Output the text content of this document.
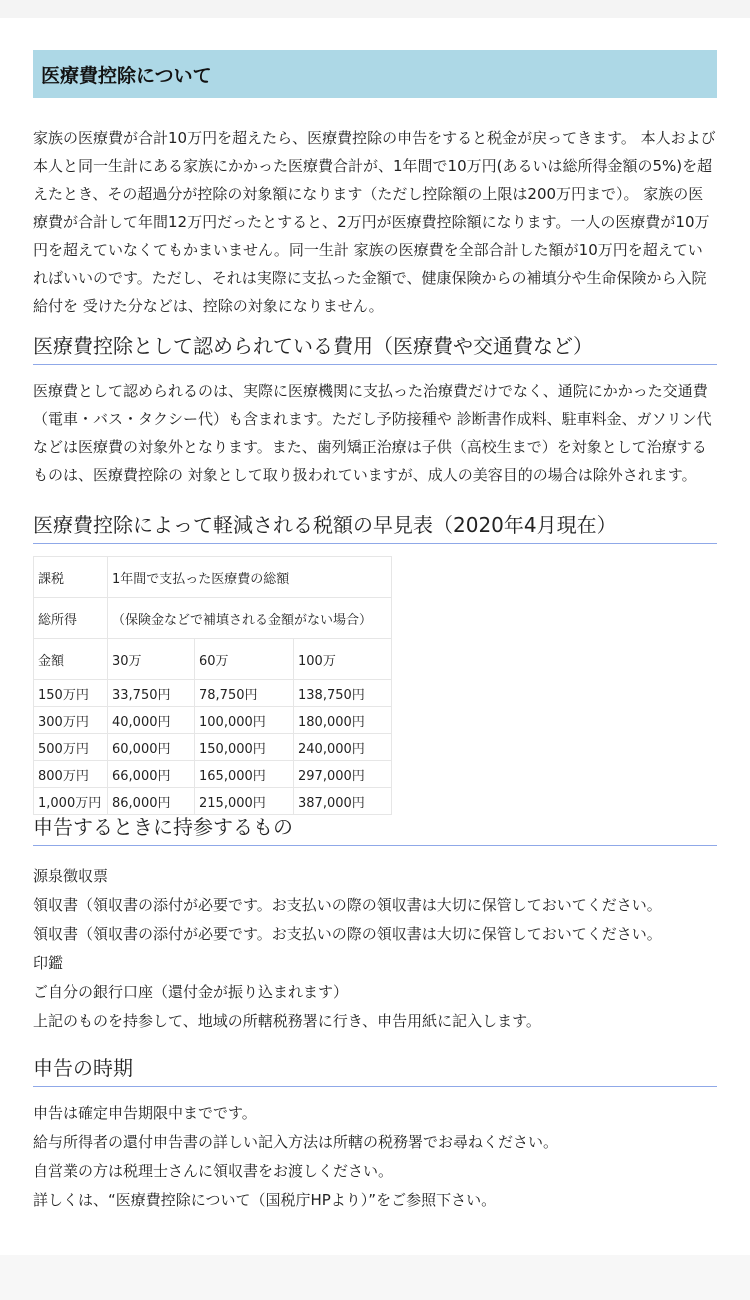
医療費控除について

家族の医療費が合計10万円を超えたら、医療費控除の申告をすると税金が戻ってきます。 本人および本人と同一生計にある家族にかかった医療費合計が、1年間で10万円(あるいは総所得金額の5%)を超えたとき、その超過分が控除の対象額になります（ただし控除額の上限は200万円まで）。 家族の医療費が合計して年間12万円だったとすると、2万円が医療費控除額になります。一人の医療費が10万円を超えていなくてもかまいません。同一生計 家族の医療費を全部合計した額が10万円を超えていればいいのです。ただし、それは実際に支払った金額で、健康保険からの補填分や生命保険から入院給付を 受けた分などは、控除の対象になりません。

医療費控除として認められている費用（医療費や交通費など）

医療費として認められるのは、実際に医療機関に支払った治療費だけでなく、通院にかかった交通費（電車・バス・タクシー代）も含まれます。ただし予防接種や 診断書作成料、駐車料金、ガソリン代などは医療費の対象外となります。また、歯列矯正治療は子供（高校生まで）を対象として治療するものは、医療費控除の 対象として取り扱われていますが、成人の美容目的の場合は除外されます。

医療費控除によって軽減される税額の早見表（2020年4月現在）
課税	1年間で支払った医療費の総額		
総所得	（保険金などで補填される金額がない場合）		
金額	30万	60万	100万
150万円	33,750円	78,750円	138,750円
300万円	40,000円	100,000円	180,000円
500万円	60,000円	150,000円	240,000円
800万円	66,000円	165,000円	297,000円
1,000万円	86,000円	215,000円	387,000円
申告するときに持参するもの
源泉徴収票
領収書（領収書の添付が必要です。お支払いの際の領収書は大切に保管しておいてください。
領収書（領収書の添付が必要です。お支払いの際の領収書は大切に保管しておいてください。
印鑑
ご自分の銀行口座（還付金が振り込まれます）
上記のものを持参して、地域の所轄税務署に行き、申告用紙に記入します。
申告の時期
申告は確定申告期限中までです。
給与所得者の還付申告書の詳しい記入方法は所轄の税務署でお尋ねください。
自営業の方は税理士さんに領収書をお渡しください。
詳しくは、“医療費控除について（国税庁HPより）”をご参照下さい。
